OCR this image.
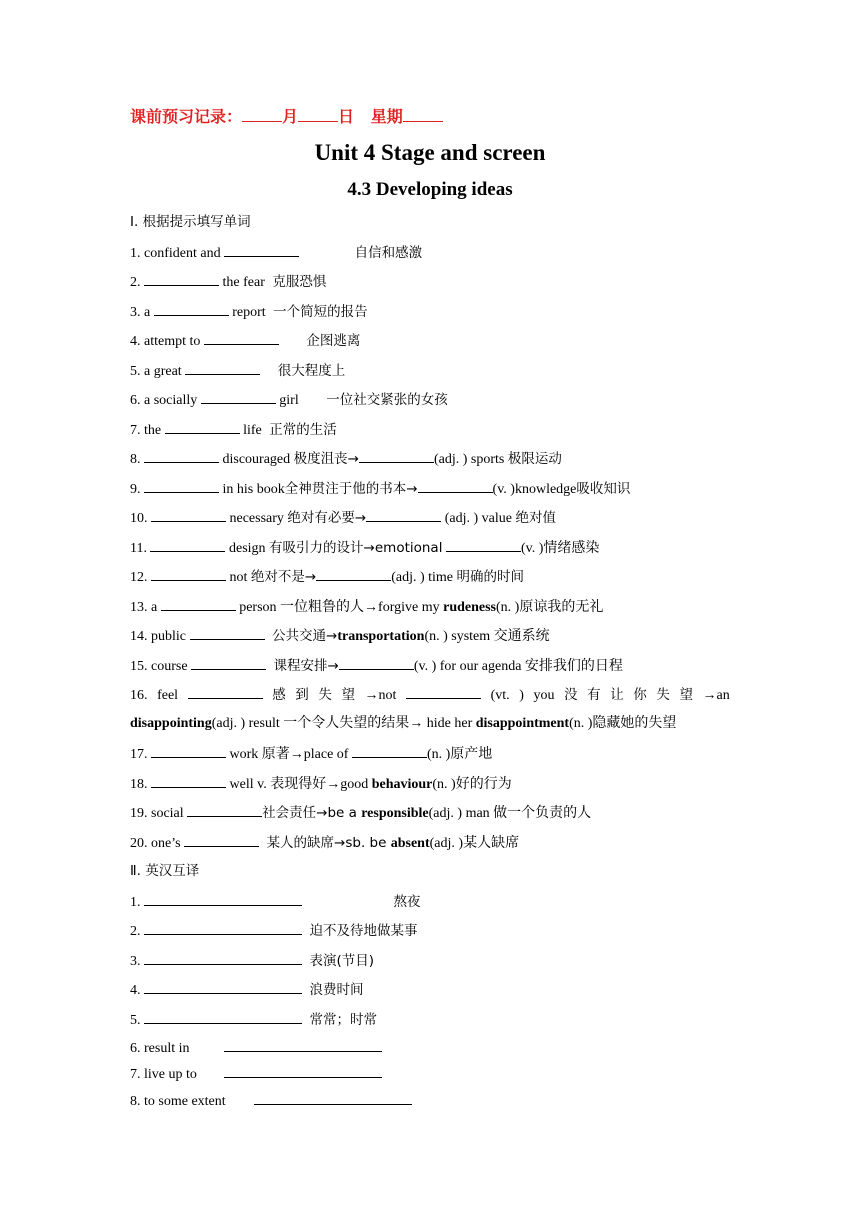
课前预习记录：	月	日 星期
Unit 4 Stage and screen
4.3 Developing ideas
Ⅰ. 根据提示填写单词
1. confident and	自信和感激
2.	the fear 克服恐惧
3. a	report 一个简短的报告
4. attempt to	企图逃离
5. a great	很大程度上
6. a socially	girl 一位社交紧张的女孩
7. the	life 正常的生活
8.	discouraged 极度沮丧→	(adj. ) sports 极限运动
9.	in his book全神贯注于他的书本→	(v. )knowledge吸收知识
10.	necessary 绝对有必要→	(adj. ) value 绝对值
11.	design 有吸引力的设计→emotional	(v. )情绪感染
12.	not 绝对不是→	(adj. ) time 明确的时间
13. a	person 一位粗鲁的人→forgive my rudeness(n. )原谅我的无礼
14. public	公共交通→transportation(n. ) system 交通系统
15. course	课程安排→	(v. ) for our agenda 安排我们的日程
16. feel	感 到 失 望 →not	(vt. ) you 没 有 让 你 失 望 →an
disappointing(adj. ) result 一个令人失望的结果→ hide her disappointment(n. )隐藏她的失望
17.	work 原著→place of	(n. )原产地
18.	well v. 表现得好→good behaviour(n. )好的行为
19. social	社会责任→be a responsible(adj. ) man 做一个负责的人
20. one’s	某人的缺席→sb. be absent(adj. )某人缺席
Ⅱ. 英汉互译
1.	熬夜
2.	迫不及待地做某事
3.	表演(节目)
4.	浪费时间
5.	常常；时常
6. result in
7. live up to
8. to some extent
